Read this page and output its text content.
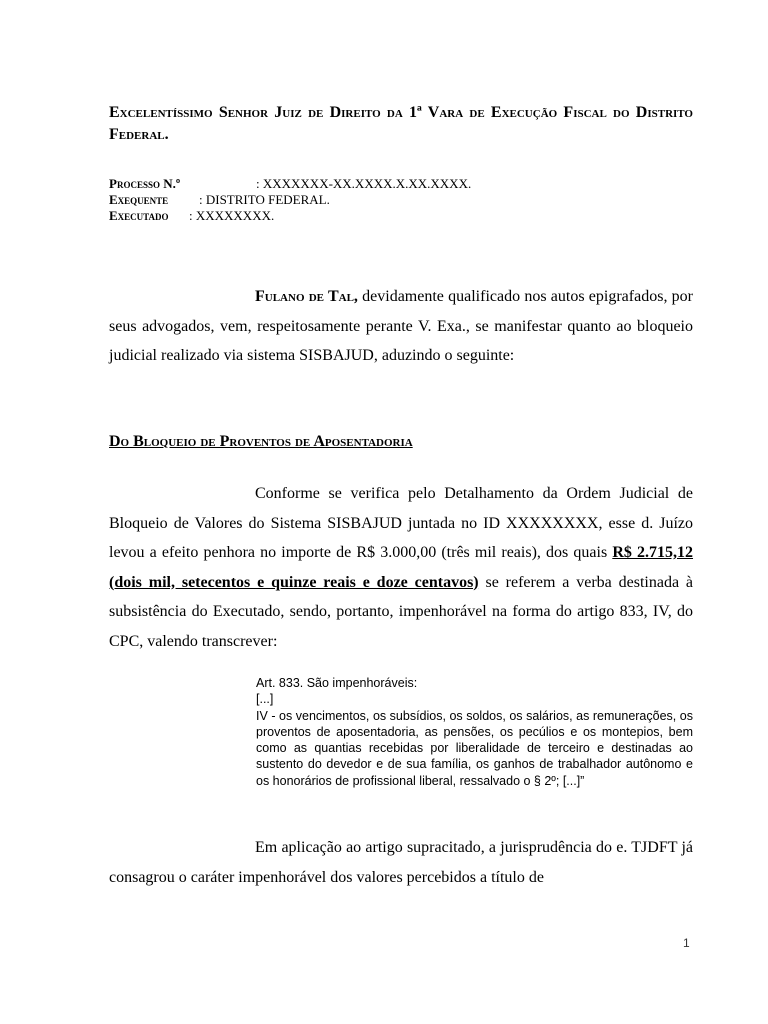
Excelentíssimo Senhor Juiz de Direito da 1ª Vara de Execução Fiscal do Distrito Federal.
Processo N.º	: XXXXXXX-XX.XXXX.X.XX.XXXX.
Exequente : DISTRITO FEDERAL.
Executado : XXXXXXXX.
Fulano de Tal, devidamente qualificado nos autos epigrafados, por seus advogados, vem, respeitosamente perante V. Exa., se manifestar quanto ao bloqueio judicial realizado via sistema SISBAJUD, aduzindo o seguinte:
Do Bloqueio de Proventos de Aposentadoria
Conforme se verifica pelo Detalhamento da Ordem Judicial de Bloqueio de Valores do Sistema SISBAJUD juntada no ID XXXXXXXX, esse d. Juízo levou a efeito penhora no importe de R$ 3.000,00 (três mil reais), dos quais R$ 2.715,12 (dois mil, setecentos e quinze reais e doze centavos) se referem a verba destinada à subsistência do Executado, sendo, portanto, impenhorável na forma do artigo 833, IV, do CPC, valendo transcrever:
Art. 833. São impenhoráveis:
[...]
IV - os vencimentos, os subsídios, os soldos, os salários, as remunerações, os proventos de aposentadoria, as pensões, os pecúlios e os montepios, bem como as quantias recebidas por liberalidade de terceiro e destinadas ao sustento do devedor e de sua família, os ganhos de trabalhador autônomo e os honorários de profissional liberal, ressalvado o § 2º; [...]”
Em aplicação ao artigo supracitado, a jurisprudência do e. TJDFT já consagrou o caráter impenhorável dos valores percebidos a título de
1
